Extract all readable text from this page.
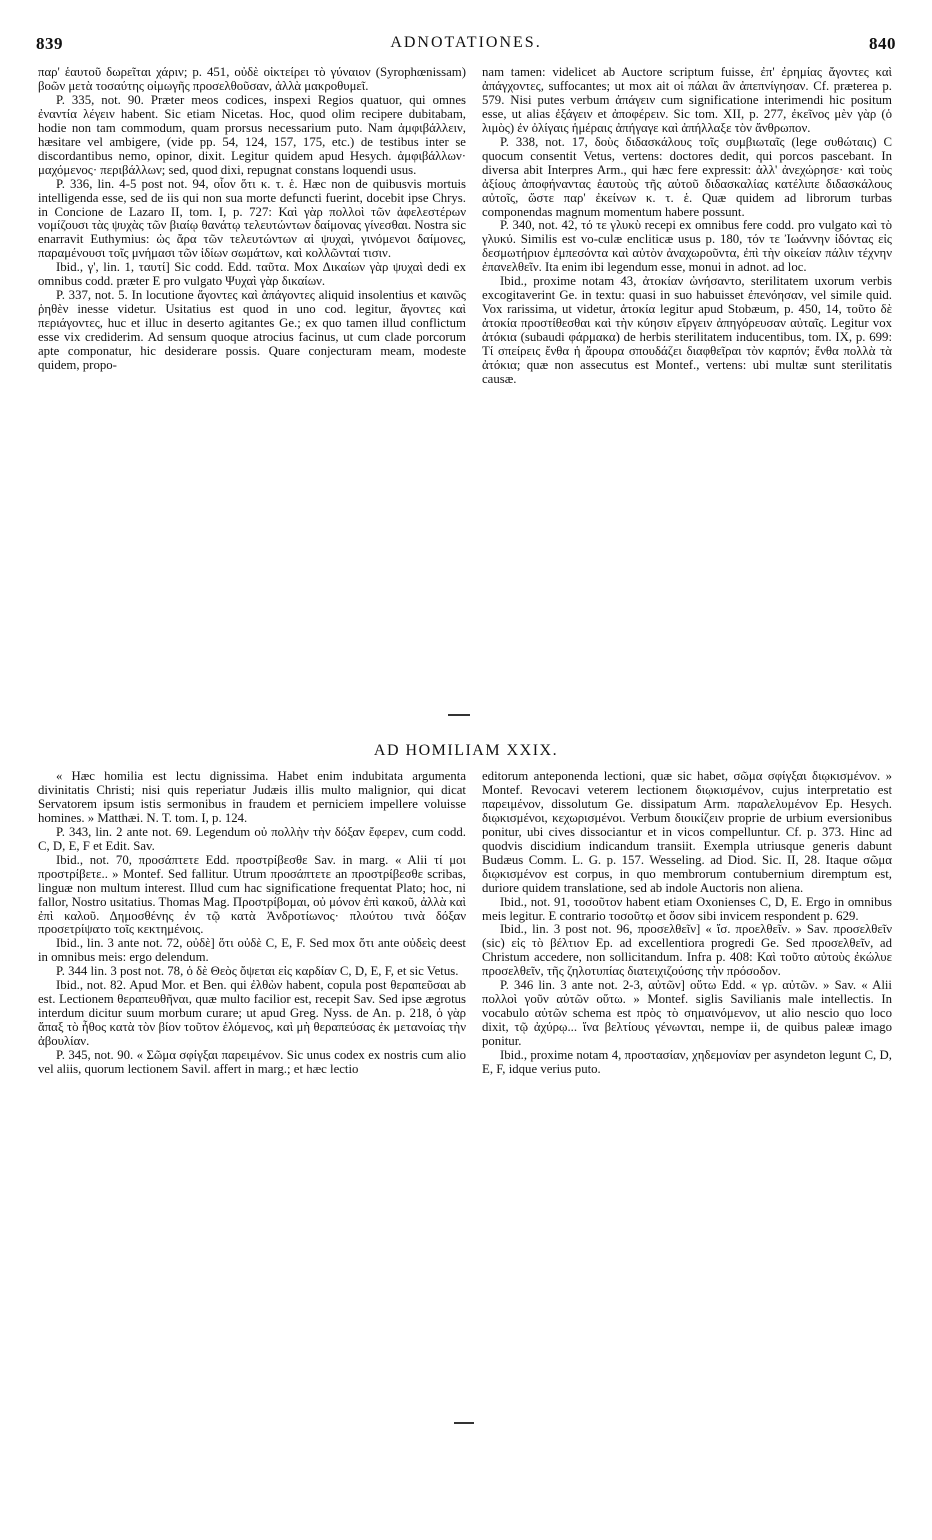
839	ADNOTATIONES.	840

παρ' ἑαυτοῦ δωρεῖται χάριν; p. 451, οὐδὲ οἰκτείρει τὸ γύναιον (Syrophœnissam) βοῶν μετὰ τοσαύτης οἰμωγῆς προσελθοῦσαν, ἀλλὰ μακροθυμεῖ.

P. 335, not. 90. Præter meos codices, inspexi Regios quatuor, qui omnes ἐναντία λέγειν habent. Sic etiam Nicetas. Hoc, quod olim recipere dubitabam, hodie non tam commodum, quam prorsus necessarium puto. Nam ἀμφιβάλλειν, hæsitare vel ambigere, (vide pp. 54, 124, 157, 175, etc.) de testibus inter se discordantibus nemo, opinor, dixit. Legitur quidem apud Hesych. ἀμφιβάλλων· μαχόμενος· περιβάλλων; sed, quod dixi, repugnat constans loquendi usus.

P. 336, lin. 4-5 post not. 94, οἷον ὅτι κ. τ. ἑ. Hæc non de quibusvis mortuis intelligenda esse, sed de iis qui non sua morte defuncti fuerint, docebit ipse Chrys. in Concione de Lazaro II, tom. I, p. 727: Καὶ γὰρ πολλοὶ τῶν ἀφελεστέρων νομίζουσι τὰς ψυχὰς τῶν βιαίῳ θανάτῳ τελευτώντων δαίμονας γίνεσθαι. Nostra sic enarravit Euthymius: ὡς ἄρα τῶν τελευτώντων αἱ ψυχαὶ, γινόμενοι δαίμονες, παραμένουσι τοῖς μνήμασι τῶν ἰδίων σωμάτων, καὶ κολλῶνταί τισιν.

Ibid., γ', lin. 1, ταυτί] Sic codd. Edd. ταῦτα. Mox Δικαίων γὰρ ψυχαὶ dedi ex omnibus codd. præter E pro vulgato Ψυχαὶ γὰρ δικαίων.

P. 337, not. 5. In locutione ἄγοντες καὶ ἀπάγοντες aliquid insolentius et καινῶς ῥηθὲν inesse videtur. Usitatius est quod in uno cod. legitur, ἄγοντες καὶ περιάγοντες, huc et illuc in deserto agitantes Ge.; ex quo tamen illud conflictum esse vix crediderim. Ad sensum quoque atrocius facinus, ut cum clade porcorum apte componatur, hic desiderare possis. Quare conjecturam meam, modeste quidem, propo-

nam tamen: videlicet ab Auctore scriptum fuisse, ἐπ' ἐρημίας ἄγοντες καὶ ἀπάγχοντες, suffocantes; ut mox ait οἱ πάλαι ἂν ἀπεπνίγησαν. Cf. præterea p. 579. Nisi putes verbum ἀπάγειν cum significatione interimendi hic positum esse, ut alias ἐξάγειν et ἀποφέρειν. Sic tom. XII, p. 277, ἐκεῖνος μὲν γὰρ (ὁ λιμὸς) ἐν ὀλίγαις ἡμέραις ἀπήγαγε καὶ ἀπήλλαξε τὸν ἄνθρωπον.

P. 338, not. 17, δοὺς διδασκάλους τοῖς συμβιωταῖς (lege συθώταις) C quocum consentit Vetus, vertens: doctores dedit, qui porcos pascebant. In diversa abit Interpres Arm., qui hæc fere expressit: ἀλλ' ἀνεχώρησε· καὶ τοὺς ἀξίους ἀποφήναντας ἑαυτοὺς τῆς αὐτοῦ διδασκαλίας κατέλιπε διδασκάλους αὐτοῖς, ὥστε παρ' ἐκείνων κ. τ. ἑ. Quæ quidem ad librorum turbas componendas magnum momentum habere possunt.

P. 340, not. 42, τό τε γλυκὺ recepi ex omnibus fere codd. pro vulgato καὶ τὸ γλυκύ. Similis est vo-culæ encliticæ usus p. 180, τόν τε Ἰωάννην ἰδόντας εἰς δεσμωτήριον ἐμπεσόντα καὶ αὐτὸν ἀναχωροῦντα, ἐπὶ τὴν οἰκείαν πάλιν τέχνην ἐπανελθεῖν. Ita enim ibi legendum esse, monui in adnot. ad loc.

Ibid., proxime notam 43, ἀτοκίαν ὠνήσαντο, sterilitatem uxorum verbis excogitaverint Ge. in textu: quasi in suo habuisset ἐπενόησαν, vel simile quid. Vox rarissima, ut videtur, ἀτοκία legitur apud Stobæum, p. 450, 14, τοῦτο δὲ ἀτοκία προστίθεσθαι καὶ τὴν κύησιν εἴργειν ἀπηγόρευσαν αὐταῖς. Legitur vox ἀτόκια (subaudi φάρμακα) de herbis sterilitatem inducentibus, tom. IX, p. 699: Τί σπείρεις ἔνθα ἡ ἄρουρα σπουδάζει διαφθεῖραι τὸν καρπόν; ἔνθα πολλὰ τὰ ἀτόκια; quæ non assecutus est Montef., vertens: ubi multæ sunt sterilitatis causæ.

AD HOMILIAM XXIX.

« Hæc homilia est lectu dignissima. Habet enim indubitata argumenta divinitatis Christi; nisi quis reperiatur Judæis illis multo malignior, qui dicat Servatorem ipsum istis sermonibus in fraudem et perniciem impellere voluisse homines. » Matthæi. N. T. tom. I, p. 124.

P. 343, lin. 2 ante not. 69. Legendum οὐ πολλὴν τὴν δόξαν ἔφερεν, cum codd. C, D, E, F et Edit. Sav.

Ibid., not. 70, προσάπτετε Edd. προστρίβεσθε Sav. in marg. « Alii τί μοι προστρίβετε.. » Montef. Sed fallitur. Utrum προσάπτετε an προστρίβεσθε scribas, linguæ non multum interest. Illud cum hac significatione frequentat Plato; hoc, ni fallor, Nostro usitatius. Thomas Mag. Προστρίβομαι, οὐ μόνον ἐπὶ κακοῦ, ἀλλὰ καὶ ἐπὶ καλοῦ. Δημοσθένης ἐν τῷ κατὰ Ἀνδροτίωνος· πλούτου τινὰ δόξαν προσετρίψατο τοῖς κεκτημένοις.

Ibid., lin. 3 ante not. 72, οὐδὲ] ὅτι οὐδὲ C, E, F. Sed mox ὅτι ante οὐδεὶς deest in omnibus meis: ergo delendum.

P. 344 lin. 3 post not. 78, ὁ δὲ Θεὸς ὄψεται εἰς καρδίαν C, D, E, F, et sic Vetus.

Ibid., not. 82. Apud Mor. et Ben. qui ἐλθὼν habent, copula post θεραπεῦσαι ab est. Lectionem θεραπευθῆναι, quæ multo facilior est, recepit Sav. Sed ipse ægrotus interdum dicitur suum morbum curare; ut apud Greg. Nyss. de An. p. 218, ὁ γὰρ ἅπαξ τὸ ἦθος κατὰ τὸν βίον τοῦτον ἑλόμενος, καὶ μὴ θεραπεύσας ἐκ μετανοίας τὴν ἀβουλίαν.

P. 345, not. 90. « Σῶμα σφίγξαι παρειμένον. Sic unus codex ex nostris cum alio vel aliis, quorum lectionem Savil. affert in marg.; et hæc lectio

editorum anteponenda lectioni, quæ sic habet, σῶμα σφίγξαι διῳκισμένον. » Montef. Revocavi veterem lectionem διῳκισμένον, cujus interpretatio est παρειμένον, dissolutum Ge. dissipatum Arm. παραλελυμένον Ep. Hesych. διῳκισμένοι, κεχωρισμένοι. Verbum διοικίζειν proprie de urbium eversionibus ponitur, ubi cives dissociantur et in vicos compelluntur. Cf. p. 373. Hinc ad quodvis discidium indicandum transiit. Exempla utriusque generis dabunt Budæus Comm. L. G. p. 157. Wesseling. ad Diod. Sic. II, 28. Itaque σῶμα διῳκισμένον est corpus, in quo membrorum contubernium diremptum est, duriore quidem translatione, sed ab indole Auctoris non aliena.

Ibid., not. 91, τοσοῦτον habent etiam Oxonienses C, D, E. Ergo in omnibus meis legitur. E contrario τοσοῦτῳ et ὅσον sibi invicem respondent p. 629.

Ibid., lin. 3 post not. 96, προσελθεῖν] « ἴσ. προελθεῖν. » Sav. προσελθεῖν (sic) εἰς τὸ βέλτιον Ep. ad excellentiora progredi Ge. Sed προσελθεῖν, ad Christum accedere, non sollicitandum. Infra p. 408: Καὶ τοῦτο αὐτοὺς ἐκώλυε προσελθεῖν, τῆς ζηλοτυπίας διατειχιζούσης τὴν πρόσοδον.

P. 346 lin. 3 ante not. 2-3, αὐτῶν] οὕτω Edd. « γρ. αὐτῶν. » Sav. « Alii πολλοὶ γοῦν αὐτῶν οὕτω. » Montef. siglis Savilianis male intellectis. In vocabulo αὐτῶν schema est πρὸς τὸ σημαινόμενον, ut alio nescio quo loco dixit, τῷ ἀχύρῳ... ἵνα βελτίους γένωνται, nempe ii, de quibus paleæ imago ponitur.

Ibid., proxime notam 4, προστασίαν, χηδεμονίαν per asyndeton legunt C, D, E, F, idque verius puto.
